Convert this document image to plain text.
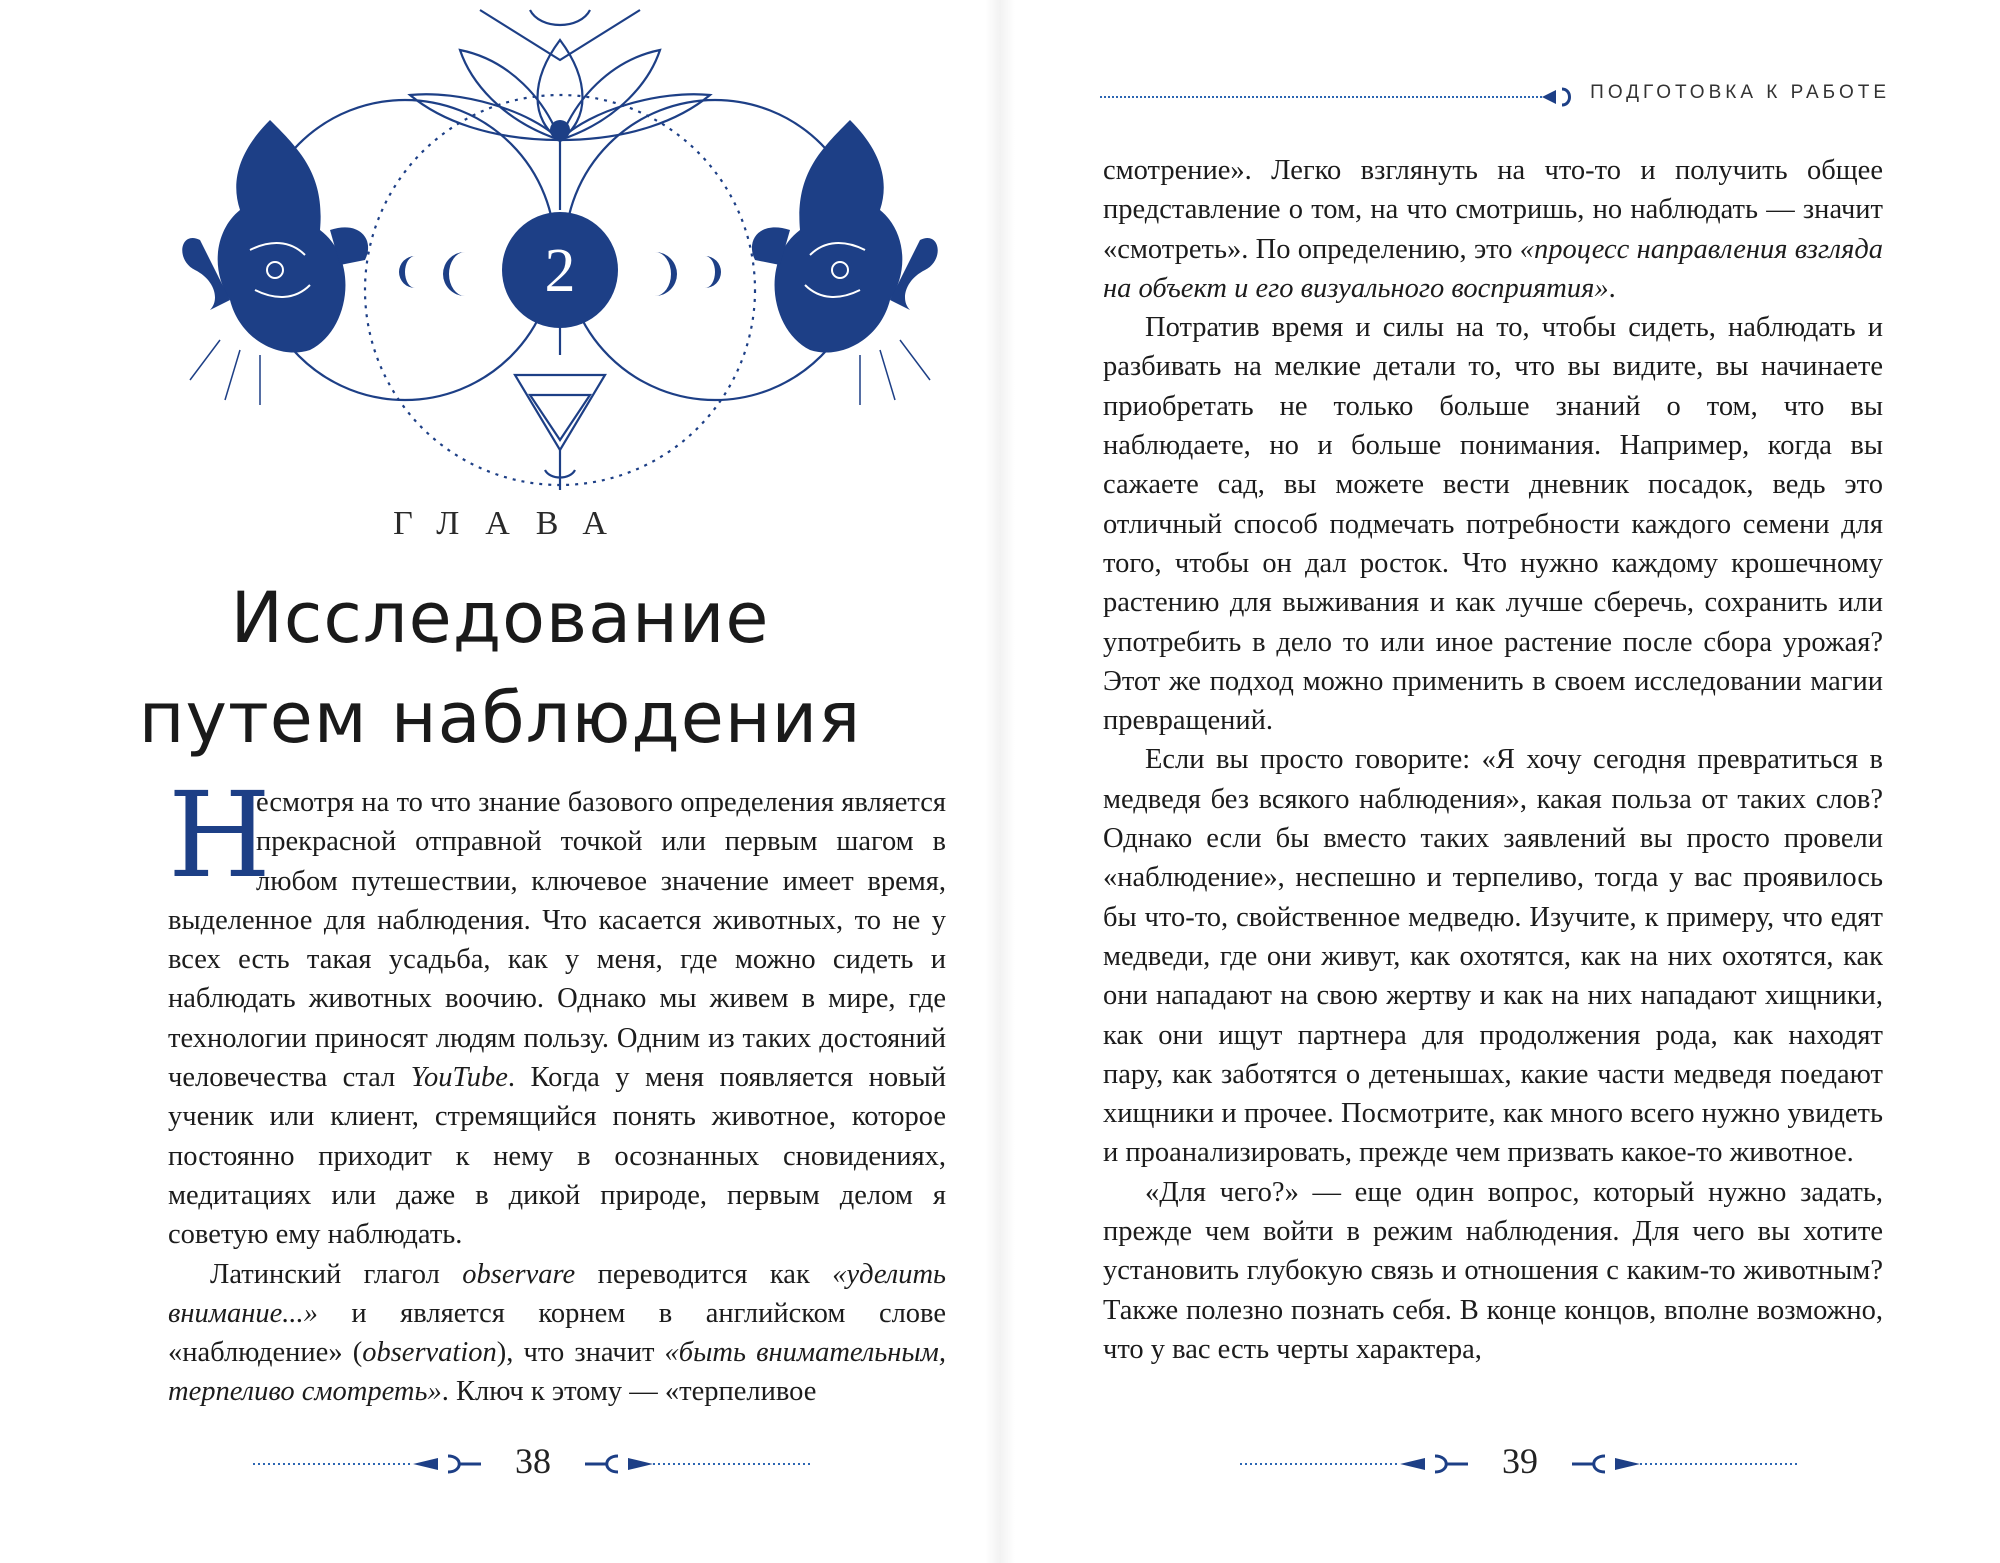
2
ГЛАВА
Исследование
путем наблюдения

Н
есмотря на то что знание базового определения является прекрасной отправной точкой или первым шагом в любом путешествии, ключевое значение имеет время, выделенное для наблюдения. Что касается животных, то не у всех есть такая усадьба, как у меня, где можно сидеть и наблюдать животных воочию. Однако мы живем в мире, где технологии приносят людям пользу. Одним из таких достояний человечества стал YouTube. Когда у меня появляется новый ученик или клиент, стремящийся понять животное, которое постоянно приходит к нему в осознанных сновидениях, медитациях или даже в дикой природе, первым делом я советую ему наблюдать.

Латинский глагол observare переводится как «уделить внимание...» и является корнем в английском слове «наблюдение» (observation), что значит «быть внимательным, терпеливо смотреть». Ключ к этому — «терпеливое

38
ПОДГОТОВКА К РАБОТЕ

смотрение». Легко взглянуть на что-то и получить общее представление о том, на что смотришь, но наблюдать — значит «смотреть». По определению, это «процесс направления взгляда на объект и его визуального восприятия».

Потратив время и силы на то, чтобы сидеть, наблюдать и разбивать на мелкие детали то, что вы видите, вы начинаете приобретать не только больше знаний о том, что вы наблюдаете, но и больше понимания. Например, когда вы сажаете сад, вы можете вести дневник посадок, ведь это отличный способ подмечать потребности каждого семени для того, чтобы он дал росток. Что нужно каждому крошечному растению для выживания и как лучше сберечь, сохранить или употребить в дело то или иное растение после сбора урожая? Этот же подход можно применить в своем исследовании магии превращений.

Если вы просто говорите: «Я хочу сегодня превратиться в медведя без всякого наблюдения», какая польза от таких слов? Однако если бы вместо таких заявлений вы просто провели «наблюдение», неспешно и терпеливо, тогда у вас проявилось бы что-то, свойственное медведю. Изучите, к примеру, что едят медведи, где они живут, как охотятся, как на них охотятся, как они нападают на свою жертву и как на них нападают хищники, как они ищут партнера для продолжения рода, как находят пару, как заботятся о детенышах, какие части медведя поедают хищники и прочее. Посмотрите, как много всего нужно увидеть и проанализировать, прежде чем призвать какое-то животное.

«Для чего?» — еще один вопрос, который нужно задать, прежде чем войти в режим наблюдения. Для чего вы хотите установить глубокую связь и отношения с каким-то животным? Также полезно познать себя. В конце концов, вполне возможно, что у вас есть черты характера,

39
